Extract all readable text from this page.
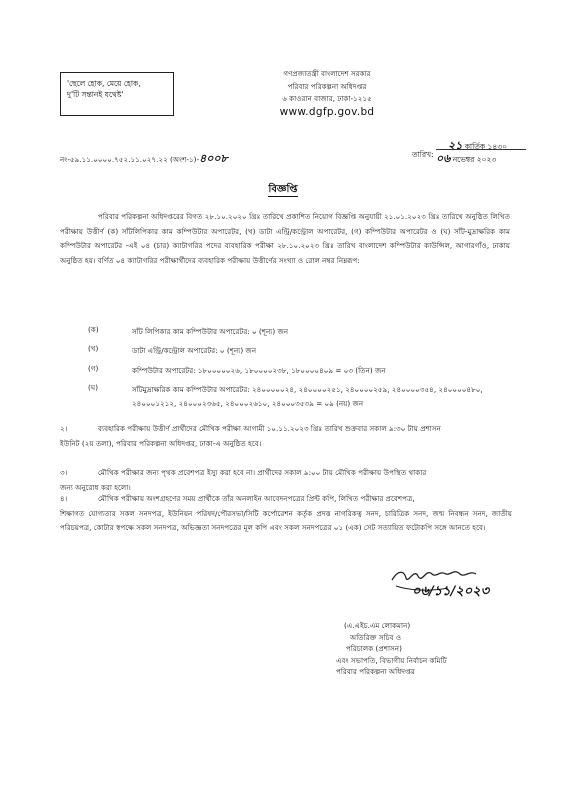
'ছেলে হোক, মেয়ে হোক,
দু'টি সন্তানই যথেষ্ট'
গণপ্রজাতন্ত্রী বাংলাদেশ সরকার
পরিবার পরিকল্পনা অধিদপ্তর
৬ কাওরান বাজার, ঢাকা-১২১৫
www.dgfp.gov.bd
নং-৫৯.১১.০০০০.৭৫২.১১.০২৭.২২ (অংশ-১)-৪০০৮	তারিখ:
২১ কার্তিক ১৪৩০
০৬ নভেম্বর ২০২৩
বিজ্ঞপ্তি
পরিবার পরিকল্পনা অধিদপ্তরের বিগত ২৮.১০.২০২০ খ্রিঃ তারিখে প্রকাশিত নিয়োগ বিজ্ঞপ্তি অনুযায়ী ২১.০১.২০২৩ খ্রিঃ তারিখে অনুষ্ঠিত লিখিত পরীক্ষায় উত্তীর্ণ (ক) সাঁটলিপিকার কাম কম্পিউটার অপারেটর, (খ) ডাটা এন্ট্রি/কন্ট্রোল অপারেটর, (গ) কম্পিউটার অপারেটর ও (ঘ) সাঁট-মুদ্রাক্ষরিক কাম কম্পিউটার অপারেটর -এই ০৪ (চার) ক্যাটাগরির পদের ব্যবহারিক পরীক্ষা ২৮.১০.২০২৩ খ্রিঃ তারিখ বাংলাদেশ কম্পিউটার কাউন্সিল, আগারগাঁও, ঢাকায় অনুষ্ঠিত হয়। বর্ণিত ০৪ ক্যাটাগরির পরীক্ষার্থীদের ব্যবহারিক পরীক্ষায় উত্তীর্ণের সংখ্যা ও রোল নম্বর নিম্নরূপ:
(ক)	সাঁট লিপিকার কাম কম্পিউটার অপারেটর: ০ (শূন্য) জন
(খ)	ডাটা এন্ট্রি/কন্ট্রোল অপারেটর: ০ (শূন্য) জন
(গ)	কম্পিউটার অপারেটর: ১৮০০০০০২৬, ১৮০০০০২৩৮, ১৮০০০০৪০৯ = ০৩ (তিন) জন
(ঘ)	সাঁটমুদ্রাক্ষরিক কাম কম্পিউটার অপারেটর: ২৪০০০০০২৪, ২৪০০০০২৫১, ২৪০০০০২৫৯, ২৪০০০০৩৫৪, ২৪০০০০৪৮০, ২৪০০০১২১২, ২৪০০০২৩৬৫, ২৪০০০২৬১০, ২৪০০০৩৫৩৯ = ০৯ (নয়) জন
২।	ব্যবহারিক পরীক্ষায় উত্তীর্ণ প্রার্থীদের মৌখিক পরীক্ষা আগামী ১০.১১.২০২৩ খ্রিঃ তারিখ শুক্রবার সকাল ৯:৩০ টায় প্রশাসন
ইউনিট (২য় তলা), পরিবার পরিকল্পনা অধিদপ্তর, ঢাকা-এ অনুষ্ঠিত হবে।
৩।	মৌখিক পরীক্ষার জন্য পৃথক প্রবেশপত্র ইস্যু করা হবে না। প্রার্থীদের সকাল ৯:০০ টায় মৌখিক পরীক্ষায় উপস্থিত থাকার
জন্য অনুরোধ করা হলো।
৪।	মৌখিক পরীক্ষায় অংশগ্রহণের সময় প্রার্থীকে তাঁর অনলাইন আবেদনপত্রের প্রিন্ট কপি, লিখিত পরীক্ষার প্রবেশপত্র,
শিক্ষাগত যোগ্যতার সকল সনদপত্র, ইউনিয়ন পরিষদ/পৌরসভা/সিটি কর্পোরেশন কর্তৃক প্রদত্ত নাগরিকত্ব সনদ, চারিত্রিক সনদ, জন্ম নিবন্ধন সনদ, জাতীয় পরিচয়পত্র, কোটার স্বপক্ষে সকল সনদপত্র, অভিজ্ঞতা সনদপত্রের মূল কপি এবং সকল সনদপত্রের ০১ (এক) সেট সত্যায়িত ফটোকপি সঙ্গে আনতে হবে।
০৬/১১/২০২৩
(এ.এইচ.এম লোকমান)
অতিরিক্ত সচিব ও
পরিচালক (প্রশাসন)
এবং সভাপতি, বিভাগীয় নির্বাচন কমিটি
পরিবার পরিকল্পনা অধিদপ্তর
